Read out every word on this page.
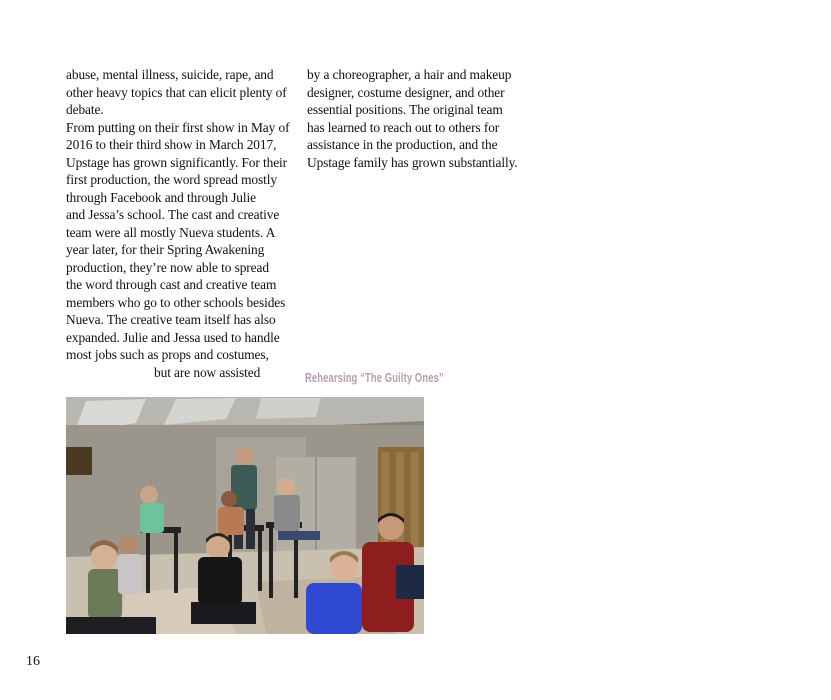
abuse, mental illness, suicide, rape, and
other heavy topics that can elicit plenty of
debate.
From putting on their first show in May of
2016 to their third show in March 2017,
Upstage has grown significantly. For their
first production, the word spread mostly
through Facebook and through Julie
and Jessa’s school. The cast and creative
team were all mostly Nueva students. A
year later, for their Spring Awakening
production, they’re now able to spread
the word through cast and creative team
members who go to other schools besides
Nueva. The creative team itself has also
expanded. Julie and Jessa used to handle
most jobs such as props and costumes,
but are now assisted
by a choreographer, a hair and makeup
designer, costume designer, and other
essential positions. The original team
has learned to reach out to others for
assistance in the production, and the
Upstage family has grown substantially.
Rehearsing “The Guilty Ones”
16
